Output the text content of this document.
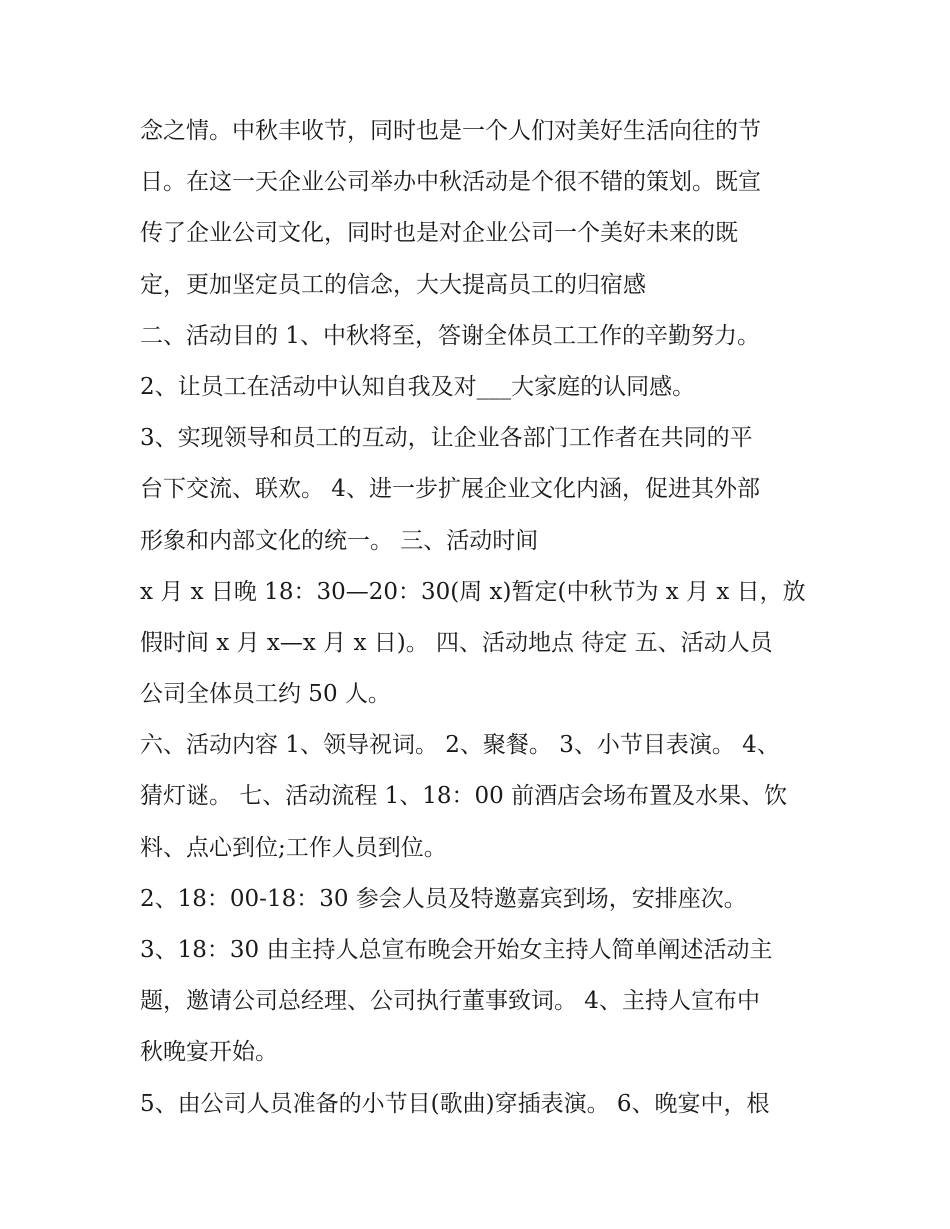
念之情。中秋丰收节，同时也是一个人们对美好生活向往的节
日。在这一天企业公司举办中秋活动是个很不错的策划。既宣
传了企业公司文化，同时也是对企业公司一个美好未来的既
定，更加坚定员工的信念，大大提高员工的归宿感
二、活动目的 1、中秋将至，答谢全体员工工作的辛勤努力。
2、让员工在活动中认知自我及对___大家庭的认同感。
3、实现领导和员工的互动，让企业各部门工作者在共同的平
台下交流、联欢。 4、进一步扩展企业文化内涵，促进其外部
形象和内部文化的统一。 三、活动时间
x 月 x 日晚 18：30—20：30(周 x)暂定(中秋节为 x 月 x 日，放
假时间 x 月 x—x 月 x 日)。 四、活动地点 待定 五、活动人员
公司全体员工约 50 人。
六、活动内容 1、领导祝词。 2、聚餐。 3、小节目表演。 4、
猜灯谜。 七、活动流程 1、18：00 前酒店会场布置及水果、饮
料、点心到位;工作人员到位。
2、18：00-18：30 参会人员及特邀嘉宾到场，安排座次。
3、18：30 由主持人总宣布晚会开始女主持人简单阐述活动主
题，邀请公司总经理、公司执行董事致词。 4、主持人宣布中
秋晚宴开始。
5、由公司人员准备的小节目(歌曲)穿插表演。 6、晚宴中，根
